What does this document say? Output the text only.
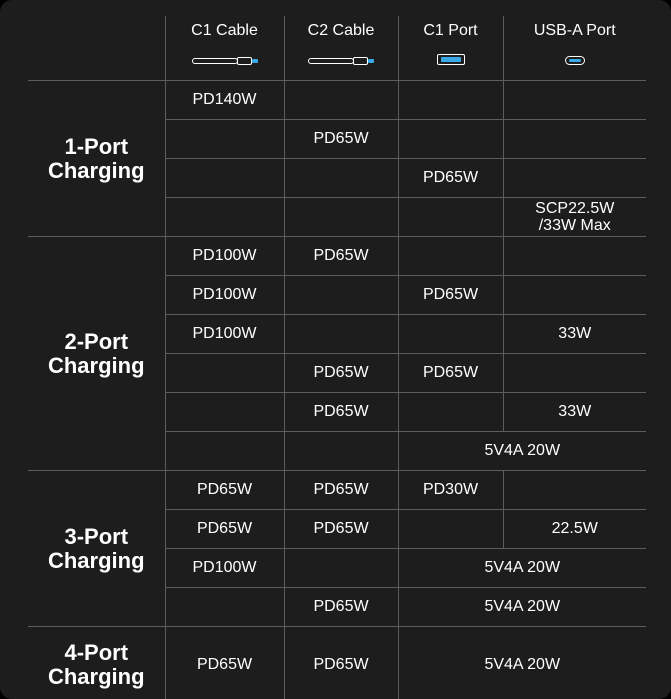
	C1 Cable	C2 Cable	C1 Port	USB-A Port

1-Port
Charging	PD140W			
		PD65W		
			PD65W	

				SCP22.5W
/33W Max

2-Port
Charging	PD100W	PD65W		
	PD100W		PD65W	
	PD100W			33W
		PD65W	PD65W	
		PD65W		33W
			5V4A 20W	

3-Port
Charging	PD65W	PD65W	PD30W	
	PD65W	PD65W		22.5W
	PD100W		5V4A 20W	
		PD65W	5V4A 20W	

4-Port
Charging	PD65W	PD65W	5V4A 20W	
